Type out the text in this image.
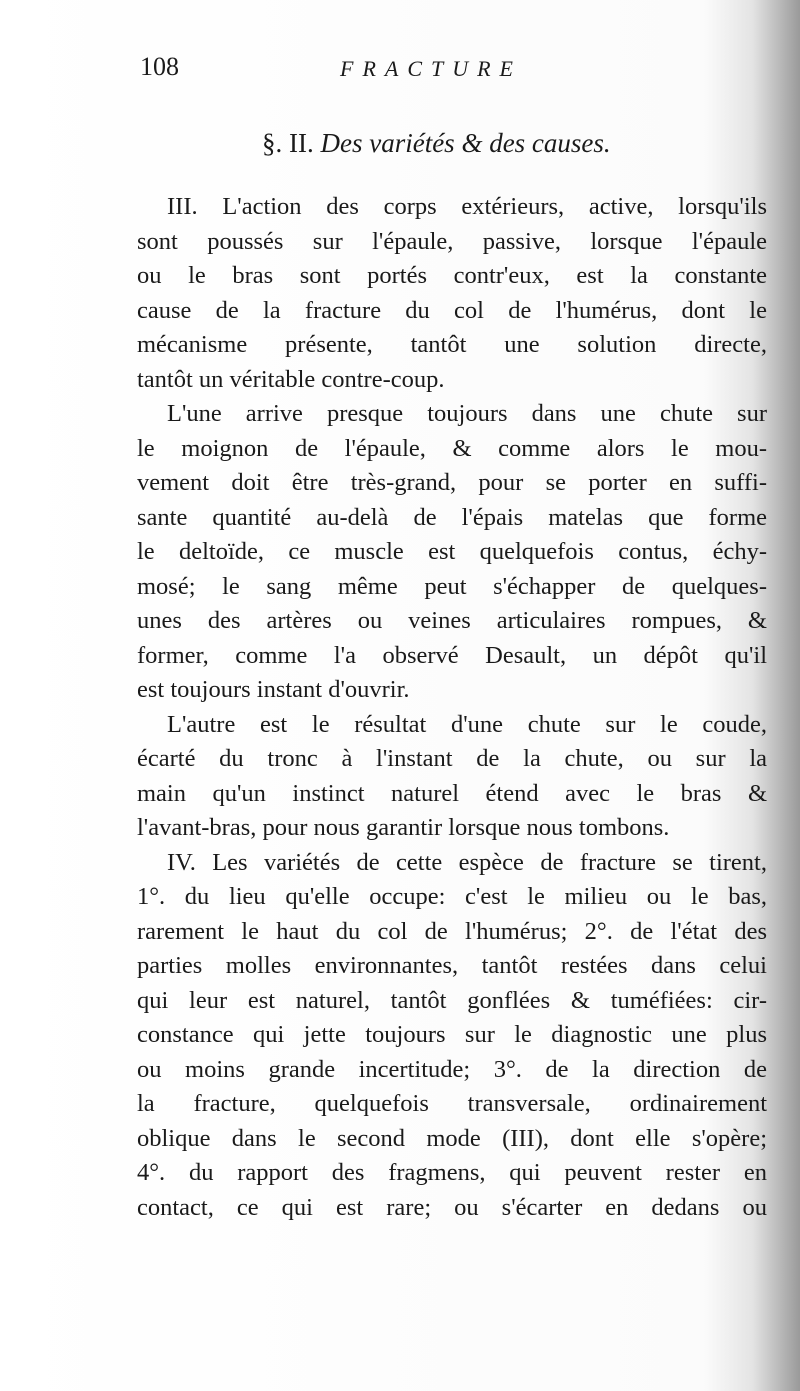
108	FRACTURE
§. II. Des variétés & des causes.
III. L'action des corps extérieurs, active, lorsqu'ils
sont poussés sur l'épaule, passive, lorsque l'épaule
ou le bras sont portés contr'eux, est la constante
cause de la fracture du col de l'humérus, dont le
mécanisme présente, tantôt une solution directe,
tantôt un véritable contre-coup.
L'une arrive presque toujours dans une chute sur
le moignon de l'épaule, & comme alors le mou-
vement doit être très-grand, pour se porter en suffi-
sante quantité au-delà de l'épais matelas que forme
le deltoïde, ce muscle est quelquefois contus, échy-
mosé; le sang même peut s'échapper de quelques-
unes des artères ou veines articulaires rompues, &
former, comme l'a observé Desault, un dépôt qu'il
est toujours instant d'ouvrir.
L'autre est le résultat d'une chute sur le coude,
écarté du tronc à l'instant de la chute, ou sur la
main qu'un instinct naturel étend avec le bras &
l'avant-bras, pour nous garantir lorsque nous tombons.
IV. Les variétés de cette espèce de fracture se tirent,
1°. du lieu qu'elle occupe: c'est le milieu ou le bas,
rarement le haut du col de l'humérus; 2°. de l'état des
parties molles environnantes, tantôt restées dans celui
qui leur est naturel, tantôt gonflées & tuméfiées: cir-
constance qui jette toujours sur le diagnostic une plus
ou moins grande incertitude; 3°. de la direction de
la fracture, quelquefois transversale, ordinairement
oblique dans le second mode (III), dont elle s'opère;
4°. du rapport des fragmens, qui peuvent rester en
contact, ce qui est rare; ou s'écarter en dedans ou
